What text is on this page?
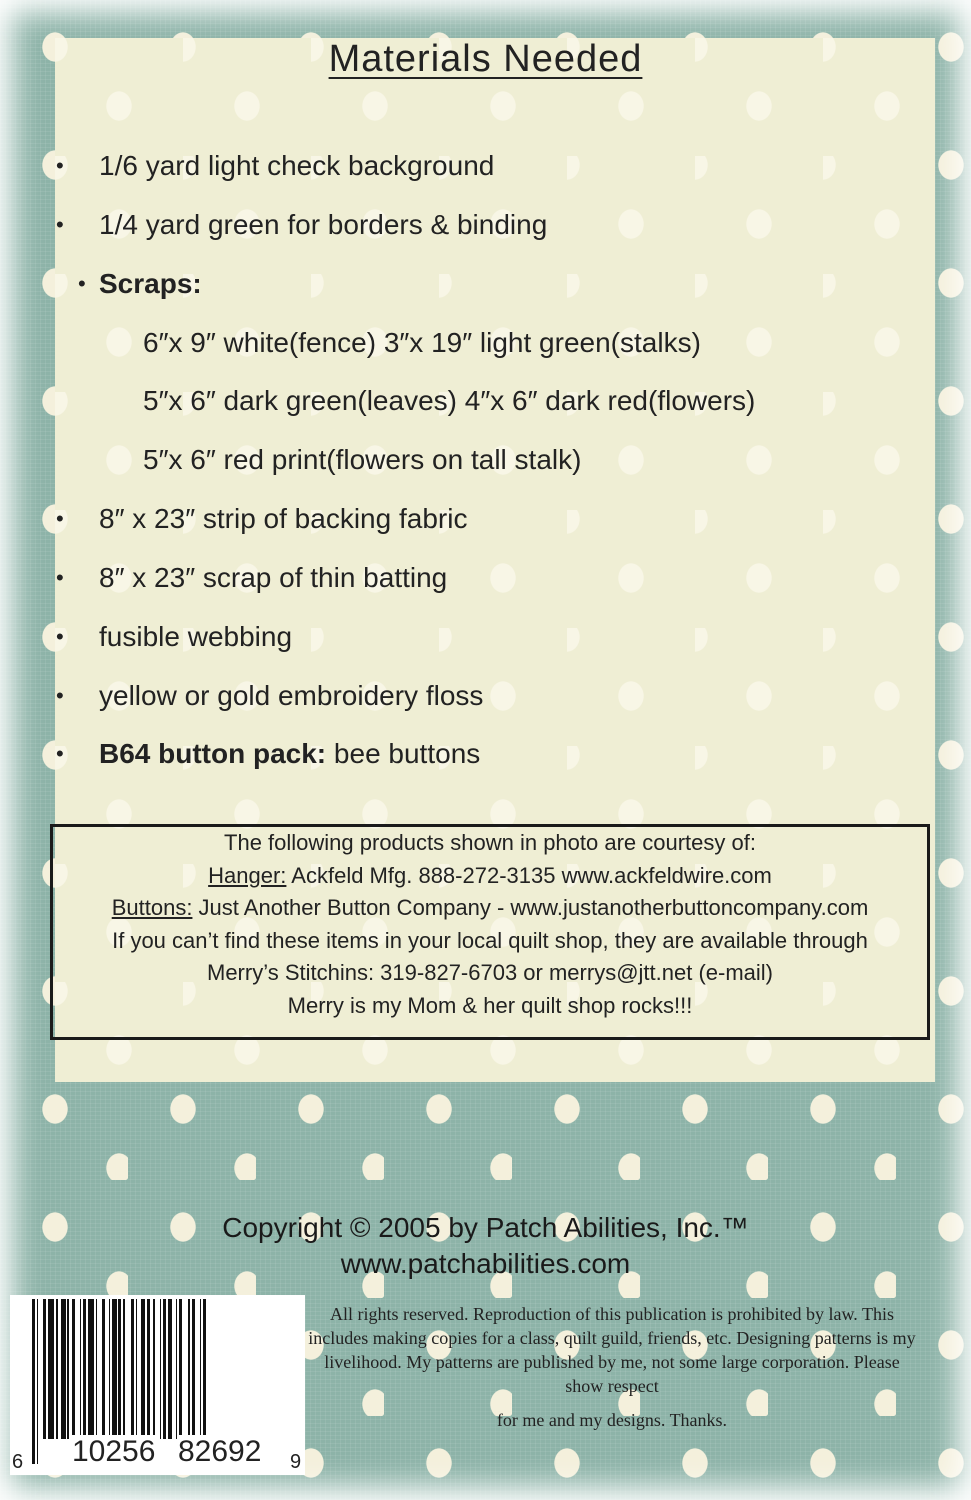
Materials Needed
• 1/6 yard light check background
• 1/4 yard green for borders & binding
• Scraps:
6″x 9″ white(fence) 3″x 19″ light green(stalks)
5″x 6″ dark green(leaves) 4″x 6″ dark red(flowers)
5″x 6″ red print(flowers on tall stalk)
• 8″ x 23″ strip of backing fabric
• 8″ x 23″ scrap of thin batting
• fusible webbing
• yellow or gold embroidery floss
• B64 button pack: bee buttons
The following products shown in photo are courtesy of:
Hanger: Ackfeld Mfg. 888-272-3135 www.ackfeldwire.com
Buttons: Just Another Button Company - www.justanotherbuttoncompany.com
If you can’t find these items in your local quilt shop, they are available through
Merry’s Stitchins: 319-827-6703 or merrys@jtt.net (e-mail)
Merry is my Mom & her quilt shop rocks!!!
Copyright © 2005 by Patch Abilities, Inc.™
www.patchabilities.com
6 10256 82692 9
All rights reserved. Reproduction of this publication is prohibited by law. This includes making copies for a class, quilt guild, friends, etc. Designing patterns is my livelihood. My patterns are published by me, not some large corporation. Please show respect
for me and my designs. Thanks.
